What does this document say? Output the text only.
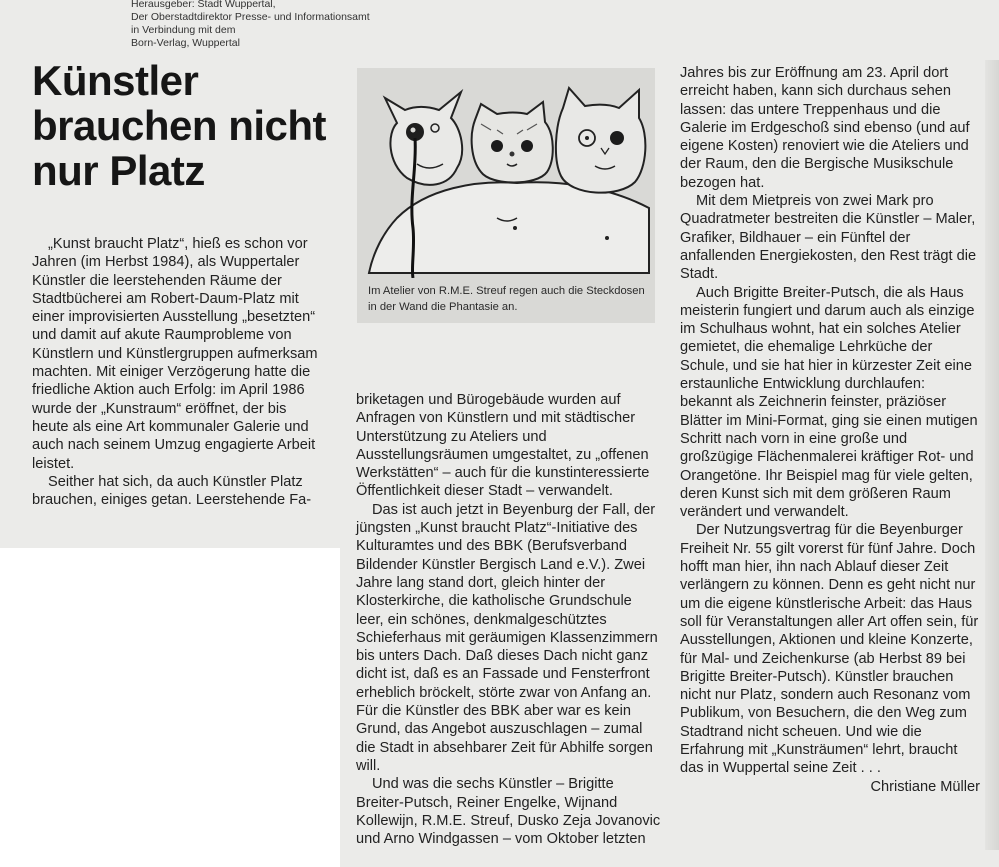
Herausgeber: Stadt Wuppertal,
Der Oberstadtdirektor Presse- und Informationsamt
in Verbindung mit dem
Born-Verlag, Wuppertal
Künstler
brauchen nicht
nur Platz
Im Atelier von R.M.E. Streuf regen auch die Steckdosen in der Wand die Phantasie an.

„Kunst braucht Platz“, hieß es schon vor Jahren (im Herbst 1984), als Wuppertaler Künstler die leerstehenden Räume der Stadtbücherei am Robert-Daum-Platz mit einer improvisierten Ausstellung „besetzten“ und damit auf akute Raumprobleme von Künstlern und Künstlergruppen aufmerksam machten. Mit einiger Verzögerung hatte die friedliche Aktion auch Erfolg: im April 1986 wurde der „Kunstraum“ eröffnet, der bis heute als eine Art kommunaler Galerie und auch nach seinem Umzug engagierte Arbeit leistet.

Seither hat sich, da auch Künstler Platz brauchen, einiges getan. Leerstehende Fa-

briketagen und Bürogebäude wurden auf Anfragen von Künstlern und mit städtischer Unterstützung zu Ateliers und Ausstellungsräumen umgestaltet, zu „offenen Werkstätten“ – auch für die kunstinteressierte Öffentlichkeit dieser Stadt – verwandelt.

Das ist auch jetzt in Beyenburg der Fall, der jüngsten „Kunst braucht Platz“-Initiative des Kulturamtes und des BBK (Berufsverband Bildender Künstler Bergisch Land e.V.). Zwei Jahre lang stand dort, gleich hinter der Klosterkirche, die katholische Grundschule leer, ein schönes, denkmalgeschütztes Schieferhaus mit geräumigen Klassenzimmern bis unters Dach. Daß dieses Dach nicht ganz dicht ist, daß es an Fassade und Fensterfront erheblich bröckelt, störte zwar von Anfang an. Für die Künstler des BBK aber war es kein Grund, das Angebot auszuschlagen – zumal die Stadt in absehbarer Zeit für Abhilfe sorgen will.

Und was die sechs Künstler – Brigitte Breiter-Putsch, Reiner Engelke, Wijnand Kollewijn, R.M.E. Streuf, Dusko Zeja Jovanovic und Arno Windgassen – vom Oktober letzten

Jahres bis zur Eröffnung am 23. April dort erreicht haben, kann sich durchaus sehen lassen: das untere Treppenhaus und die Galerie im Erdgeschoß sind ebenso (und auf eigene Kosten) renoviert wie die Ateliers und der Raum, den die Bergische Musikschule bezogen hat.

Mit dem Mietpreis von zwei Mark pro Quadratmeter bestreiten die Künstler – Maler, Grafiker, Bildhauer – ein Fünftel der anfallenden Energiekosten, den Rest trägt die Stadt.

Auch Brigitte Breiter-Putsch, die als Haus meisterin fungiert und darum auch als einzige im Schulhaus wohnt, hat ein solches Atelier gemietet, die ehemalige Lehrküche der Schule, und sie hat hier in kürzester Zeit eine erstaunliche Entwicklung durchlaufen: bekannt als Zeichnerin feinster, präziöser Blätter im Mini-Format, ging sie einen mutigen Schritt nach vorn in eine große und großzügige Flächenmalerei kräftiger Rot- und Orangetöne. Ihr Beispiel mag für viele gelten, deren Kunst sich mit dem größeren Raum verändert und verwandelt.

Der Nutzungsvertrag für die Beyenburger Freiheit Nr. 55 gilt vorerst für fünf Jahre. Doch hofft man hier, ihn nach Ablauf dieser Zeit verlängern zu können. Denn es geht nicht nur um die eigene künstlerische Arbeit: das Haus soll für Veranstaltungen aller Art offen sein, für Ausstellungen, Aktionen und kleine Konzerte, für Mal- und Zeichenkurse (ab Herbst 89 bei Brigitte Breiter-Putsch). Künstler brauchen nicht nur Platz, sondern auch Resonanz vom Publikum, von Besuchern, die den Weg zum Stadtrand nicht scheuen. Und wie die Erfahrung mit „Kunsträumen“ lehrt, braucht das in Wuppertal seine Zeit . . .
Christiane Müller
